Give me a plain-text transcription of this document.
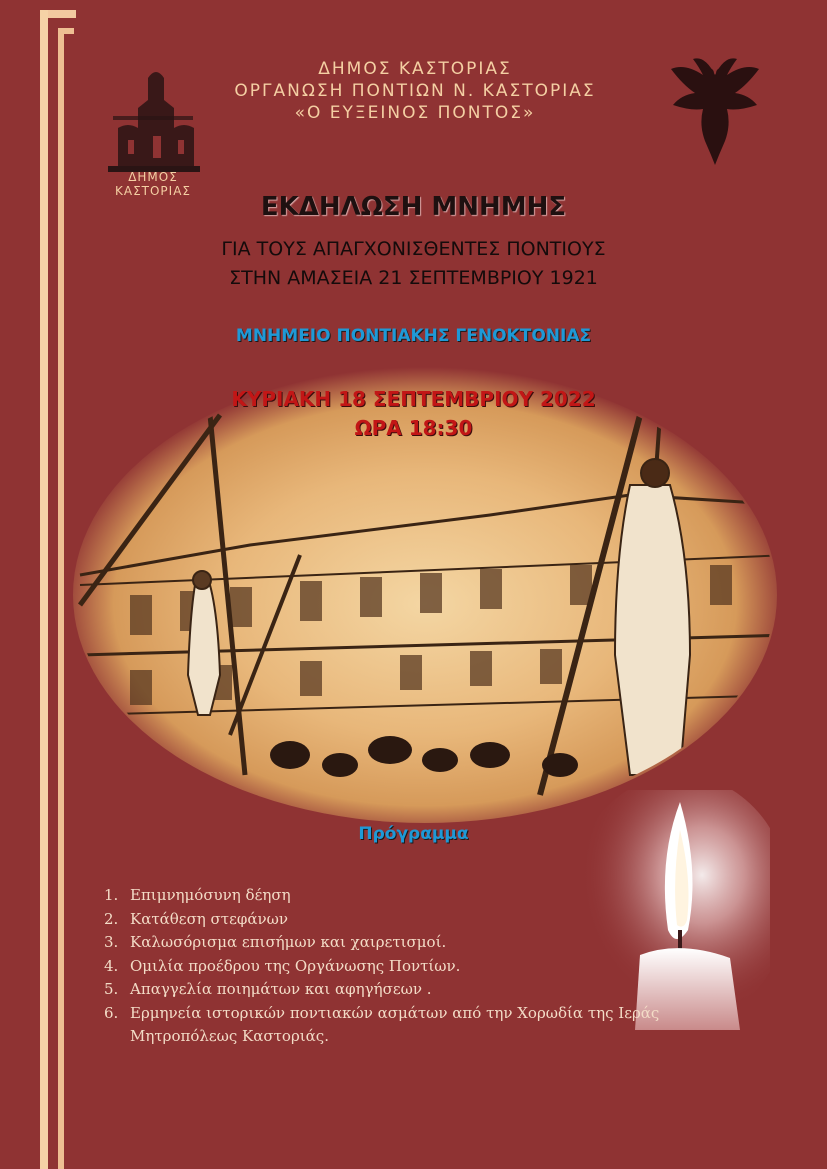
ΔΗΜΟΣ
ΚΑΣΤΟΡΙΑΣ
ΔΗΜΟΣ ΚΑΣΤΟΡΙΑΣ
ΟΡΓΑΝΩΣΗ ΠΟΝΤΙΩΝ Ν. ΚΑΣΤΟΡΙΑΣ
«Ο ΕΥΞΕΙΝΟΣ ΠΟΝΤΟΣ»
ΕΚΔΗΛΩΣΗ ΜΝΗΜΗΣ
ΓΙΑ ΤΟΥΣ ΑΠΑΓΧΟΝΙΣΘΕΝΤΕΣ ΠΟΝΤΙΟΥΣ
ΣΤΗΝ ΑΜΑΣΕΙΑ 21 ΣΕΠΤΕΜΒΡΙΟΥ 1921
ΜΝΗΜΕΙΟ ΠΟΝΤΙΑΚΗΣ ΓΕΝΟΚΤΟΝΙΑΣ
ΚΥΡΙΑΚΗ 18 ΣΕΠΤΕΜΒΡΙΟΥ 2022
ΩΡΑ 18:30
Πρόγραμμα
1. Επιμνημόσυνη δέηση
2. Κατάθεση στεφάνων
3. Καλωσόρισμα επισήμων και χαιρετισμοί.
4. Ομιλία προέδρου της Οργάνωσης Ποντίων.
5. Απαγγελία ποιημάτων και αφηγήσεων .
6. Ερμηνεία ιστορικών ποντιακών ασμάτων από την Χορωδία της Ιεράς Μητροπόλεως Καστοριάς.
